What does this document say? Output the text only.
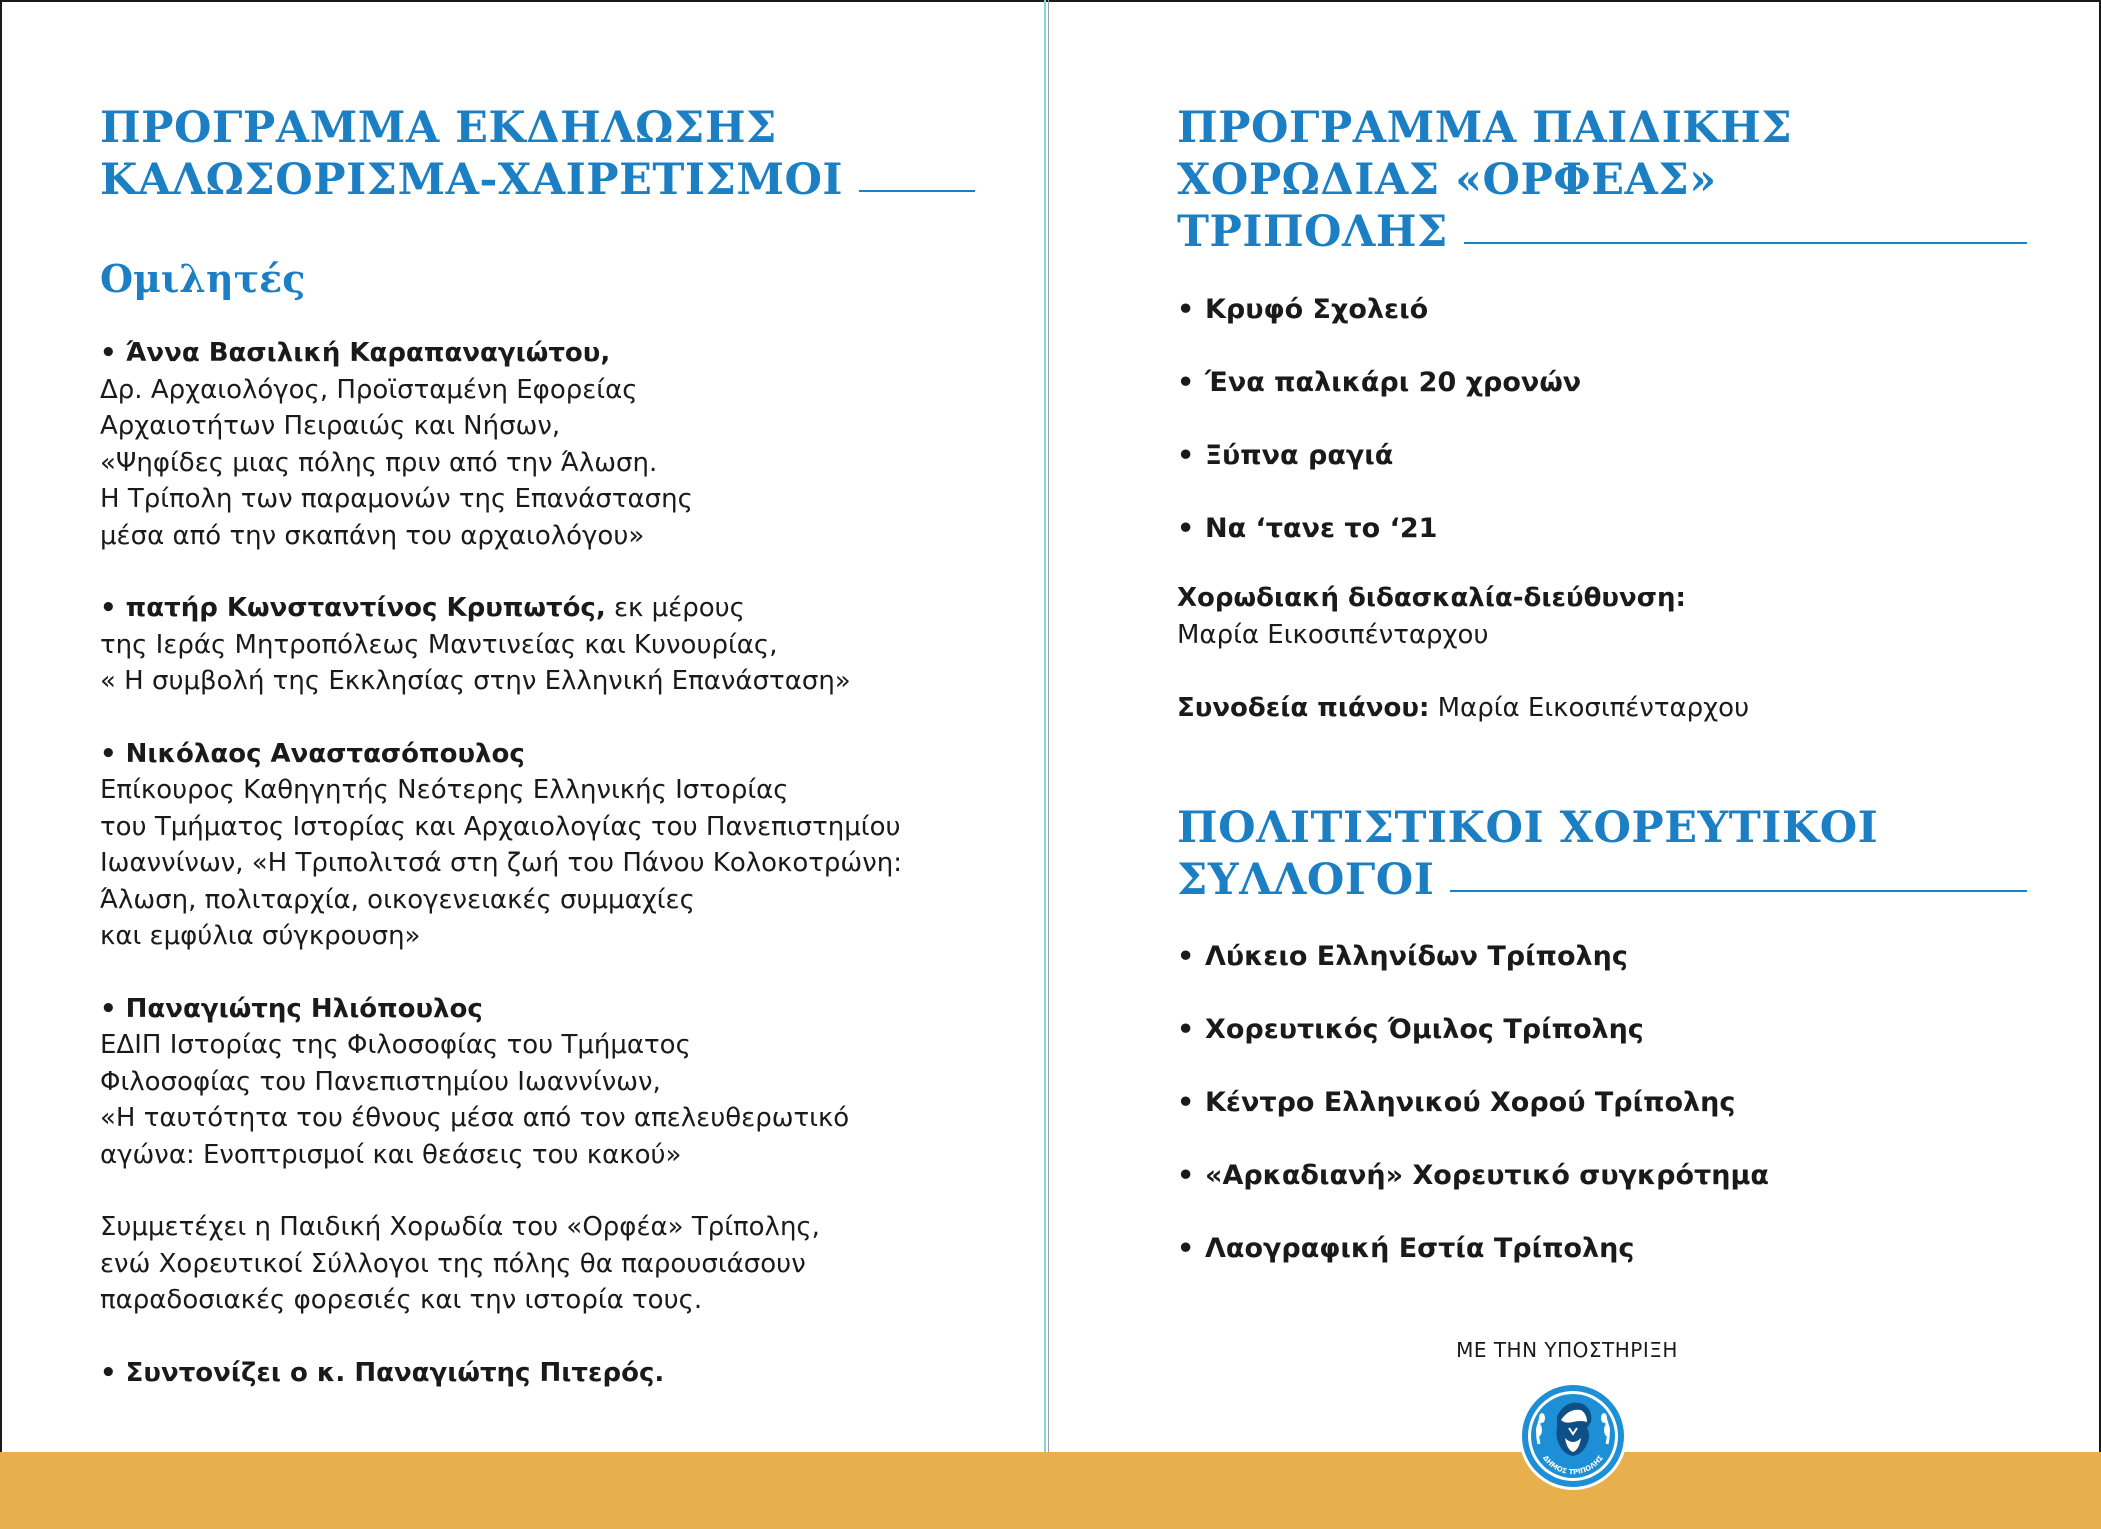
ΠΡΟΓΡΑΜΜΑ ΕΚΔΗΛΩΣΗΣ
ΚΑΛΩΣΟΡΙΣΜΑ-ΧΑΙΡΕΤΙΣΜΟΙ
Ομιλητές
• Άννα Βασιλική Καραπαναγιώτου,
Δρ. Αρχαιολόγος, Προϊσταμένη Εφορείας
Αρχαιοτήτων Πειραιώς και Νήσων,
«Ψηφίδες μιας πόλης πριν από την Άλωση.
Η Τρίπολη των παραμονών της Επανάστασης
μέσα από την σκαπάνη του αρχαιολόγου»
• πατήρ Κωνσταντίνος Κρυπωτός, εκ μέρους
της Ιεράς Μητροπόλεως Μαντινείας και Κυνουρίας,
« Η συμβολή της Εκκλησίας στην Ελληνική Επανάσταση»
• Νικόλαος Αναστασόπουλος
Επίκουρος Καθηγητής Νεότερης Ελληνικής Ιστορίας
του Τμήματος Ιστορίας και Αρχαιολογίας του Πανεπιστημίου
Ιωαννίνων, «Η Τριπολιτσά στη ζωή του Πάνου Κολοκοτρώνη:
Άλωση, πολιταρχία, οικογενειακές συμμαχίες
και εμφύλια σύγκρουση»
• Παναγιώτης Ηλιόπουλος
ΕΔΙΠ Ιστορίας της Φιλοσοφίας του Τμήματος
Φιλοσοφίας του Πανεπιστημίου Ιωαννίνων,
«Η ταυτότητα του έθνους μέσα από τον απελευθερωτικό
αγώνα: Ενοπτρισμοί και θεάσεις του κακού»
Συμμετέχει η Παιδική Χορωδία του «Ορφέα» Τρίπολης,
ενώ Χορευτικοί Σύλλογοι της πόλης θα παρουσιάσουν
παραδοσιακές φορεσιές και την ιστορία τους.
• Συντονίζει ο κ. Παναγιώτης Πιτερός.
ΠΡΟΓΡΑΜΜΑ ΠΑΙΔΙΚΗΣ
ΧΟΡΩΔΙΑΣ «ΟΡΦΕΑΣ»
ΤΡΙΠΟΛΗΣ
• Κρυφό Σχολειό
• Ένα παλικάρι 20 χρονών
• Ξύπνα ραγιά
• Να ‘τανε το ‘21
Χορωδιακή διδασκαλία-διεύθυνση:
Μαρία Εικοσιπένταρχου
Συνοδεία πιάνου: Μαρία Εικοσιπένταρχου
ΠΟΛΙΤΙΣΤΙΚΟΙ ΧΟΡΕΥΤΙΚΟΙ
ΣΥΛΛΟΓΟΙ
• Λύκειο Ελληνίδων Τρίπολης
• Χορευτικός Όμιλος Τρίπολης
• Κέντρο Ελληνικού Χορού Τρίπολης
• «Αρκαδιανή» Χορευτικό συγκρότημα
• Λαογραφική Εστία Τρίπολης
ΜΕ ΤΗΝ ΥΠΟΣΤΗΡΙΞΗ
ΔΗΜΟΣ ΤΡΙΠΟΛΗΣ
